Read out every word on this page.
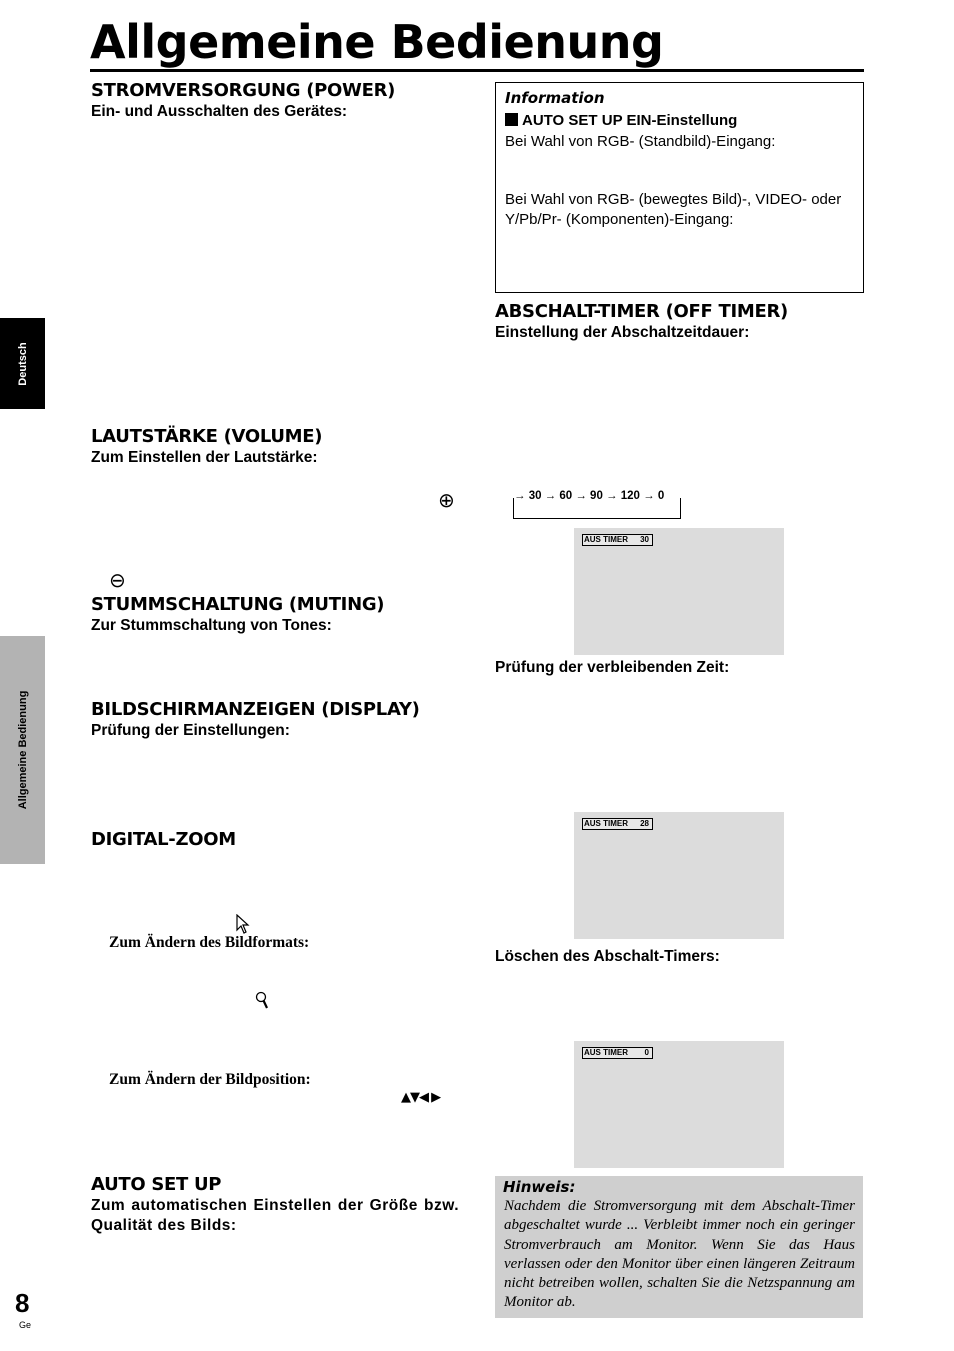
Allgemeine Bedienung
Deutsch
Allgemeine Bedienung
STROMVERSORGUNG (POWER)
Ein- und Ausschalten des Gerätes:
LAUTSTÄRKE (VOLUME)
Zum Einstellen der Lautstärke:
⊕
⊖
STUMMSCHALTUNG (MUTING)
Zur Stummschaltung von Tones:
BILDSCHIRMANZEIGEN (DISPLAY)
Prüfung der Einstellungen:
DIGITAL-ZOOM
Zum Ändern des Bildformats:
Zum Ändern der Bildposition:
▲▼◀ ▶
AUTO SET UP
Zum automatischen Einstellen der Größe bzw. Qualität des Bilds:
8
Ge
Information
AUTO SET UP EIN-Einstellung
Bei Wahl von RGB- (Standbild)-Eingang:
Bei Wahl von RGB- (bewegtes Bild)-, VIDEO- oder Y/Pb/Pr- (Komponenten)-Eingang:
ABSCHALT-TIMER (OFF TIMER)
Einstellung der Abschaltzeitdauer:
→ 30 → 60 → 90 → 120 → 0
AUS TIMER 30
Prüfung der verbleibenden Zeit:
AUS TIMER 28
Löschen des Abschalt-Timers:
AUS TIMER 0
Hinweis:
Nachdem die Stromversorgung mit dem Abschalt-Timer abgeschaltet wurde ... Verbleibt immer noch ein geringer Stromverbrauch am Monitor. Wenn Sie das Haus verlassen oder den Monitor über einen längeren Zeitraum nicht betreiben wollen, schalten Sie die Netzspannung am Monitor ab.
